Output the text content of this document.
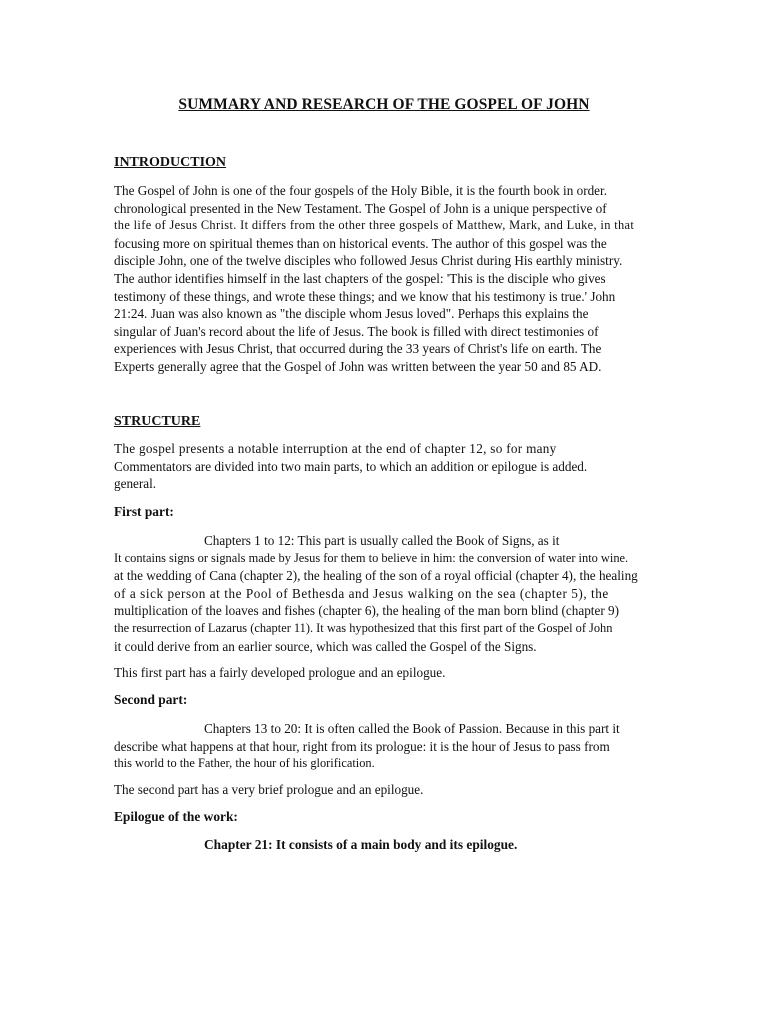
SUMMARY AND RESEARCH OF THE GOSPEL OF JOHN
INTRODUCTION

The Gospel of John is one of the four gospels of the Holy Bible, it is the fourth book in order.
chronological presented in the New Testament. The Gospel of John is a unique perspective of
the life of Jesus Christ. It differs from the other three gospels of Matthew, Mark, and Luke, in that
focusing more on spiritual themes than on historical events. The author of this gospel was the
disciple John, one of the twelve disciples who followed Jesus Christ during His earthly ministry.
The author identifies himself in the last chapters of the gospel: 'This is the disciple who gives
testimony of these things, and wrote these things; and we know that his testimony is true.' John
21:24. Juan was also known as "the disciple whom Jesus loved". Perhaps this explains the
singular of Juan's record about the life of Jesus. The book is filled with direct testimonies of
experiences with Jesus Christ, that occurred during the 33 years of Christ's life on earth. The
Experts generally agree that the Gospel of John was written between the year 50 and 85 AD.

STRUCTURE

The gospel presents a notable interruption at the end of chapter 12, so for many
Commentators are divided into two main parts, to which an addition or epilogue is added.
general.

First part:

Chapters 1 to 12: This part is usually called the Book of Signs, as it
It contains signs or signals made by Jesus for them to believe in him: the conversion of water into wine.
at the wedding of Cana (chapter 2), the healing of the son of a royal official (chapter 4), the healing
of a sick person at the Pool of Bethesda and Jesus walking on the sea (chapter 5), the
multiplication of the loaves and fishes (chapter 6), the healing of the man born blind (chapter 9)
the resurrection of Lazarus (chapter 11). It was hypothesized that this first part of the Gospel of John
it could derive from an earlier source, which was called the Gospel of the Signs.

This first part has a fairly developed prologue and an epilogue.

Second part:

Chapters 13 to 20: It is often called the Book of Passion. Because in this part it
describe what happens at that hour, right from its prologue: it is the hour of Jesus to pass from
this world to the Father, the hour of his glorification.

The second part has a very brief prologue and an epilogue.

Epilogue of the work:
Chapter 21: It consists of a main body and its epilogue.
